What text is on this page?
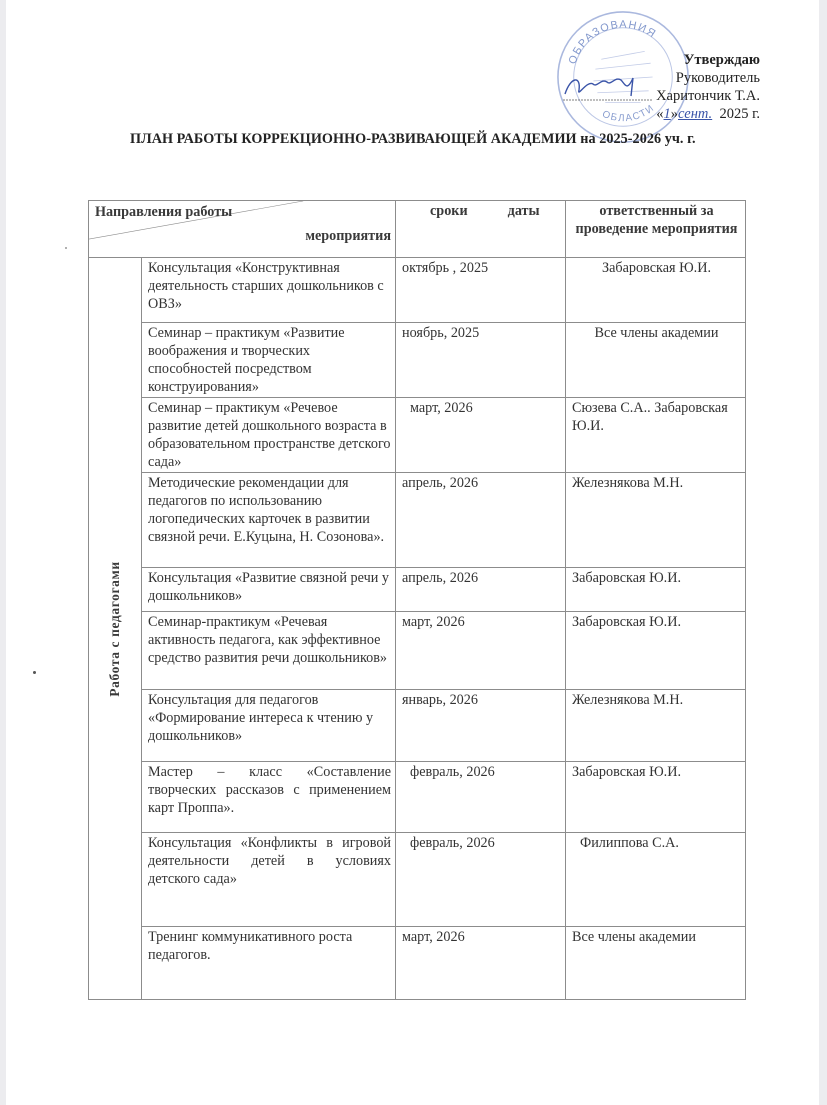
ОБРАЗОВАНИЯ
ОБЛАСТИ
Утверждаю
Руководитель
Харитончик Т.А.
«1»сент. 2025 г.
ПЛАН РАБОТЫ КОРРЕКЦИОННО-РАЗВИВАЮЩЕЙ АКАДЕМИИ на 2025-2026 уч. г.
Направления работы
мероприятия		сроки даты	ответственный за проведение мероприятия

Работа с педагогами	Консультация «Конструктивная деятельность старших дошкольников с ОВЗ»	октябрь , 2025	Забаровская Ю.И.
	Семинар – практикум «Развитие воображения и творческих способностей посредством конструирования»	ноябрь, 2025	Все члены академии
	Семинар – практикум «Речевое развитие детей дошкольного возраста в образовательном пространстве детского сада»	март, 2026	Сюзева С.А.. Забаровская Ю.И.
	Методические рекомендации для педагогов по использованию логопедических карточек в развитии связной речи. Е.Куцына, Н. Созонова».	апрель, 2026	Железнякова М.Н.
	Консультация «Развитие связной речи у дошкольников»	апрель, 2026	Забаровская Ю.И.
	Семинар-практикум «Речевая активность педагога, как эффективное средство развития речи дошкольников»	март, 2026	Забаровская Ю.И.
	Консультация для педагогов «Формирование интереса к чтению у дошкольников»	январь, 2026	Железнякова М.Н.
	Мастер – класс «Составление творческих рассказов с применением карт Проппа».	февраль, 2026	Забаровская Ю.И.
	Консультация «Конфликты в игровой деятельности детей в условиях детского сада»	февраль, 2026	Филиппова С.А.
	Тренинг коммуникативного роста педагогов.	март, 2026	Все члены академии
